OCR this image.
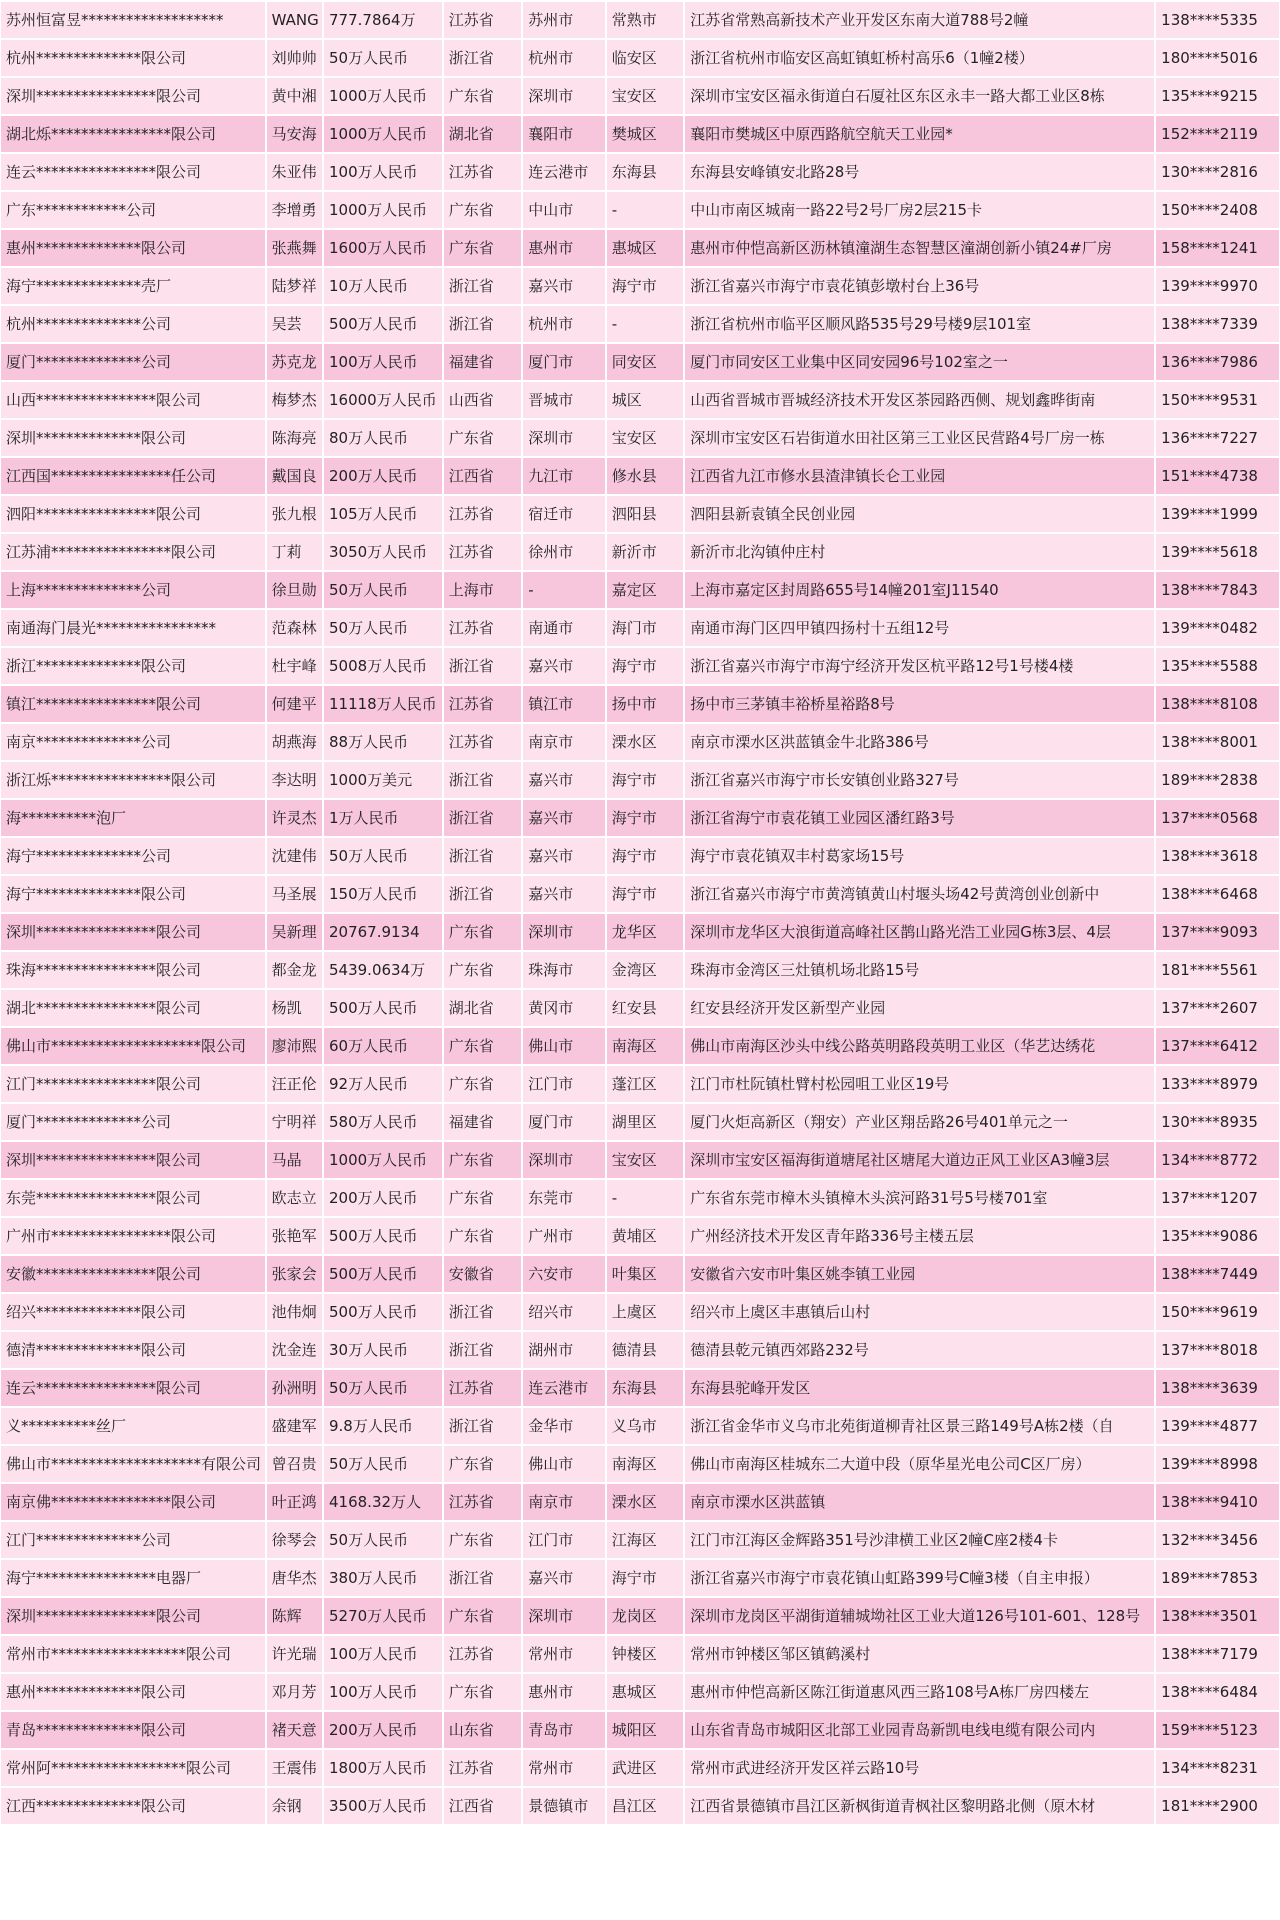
苏州恒富昱*******************	WANG	777.7864万	江苏省	苏州市	常熟市	江苏省常熟高新技术产业开发区东南大道788号2幢	138****5335
杭州**************限公司	刘帅帅	50万人民币	浙江省	杭州市	临安区	浙江省杭州市临安区高虹镇虹桥村高乐6（1幢2楼）	180****5016
深圳****************限公司	黄中湘	1000万人民币	广东省	深圳市	宝安区	深圳市宝安区福永街道白石厦社区东区永丰一路大都工业区8栋	135****9215
湖北烁****************限公司	马安海	1000万人民币	湖北省	襄阳市	樊城区	襄阳市樊城区中原西路航空航天工业园*	152****2119
连云****************限公司	朱亚伟	100万人民币	江苏省	连云港市	东海县	东海县安峰镇安北路28号	130****2816
广东************公司	李增勇	1000万人民币	广东省	中山市	-	中山市南区城南一路22号2号厂房2层215卡	150****2408
惠州**************限公司	张燕舞	1600万人民币	广东省	惠州市	惠城区	惠州市仲恺高新区沥林镇潼湖生态智慧区潼湖创新小镇24#厂房	158****1241
海宁**************壳厂	陆梦祥	10万人民币	浙江省	嘉兴市	海宁市	浙江省嘉兴市海宁市袁花镇彭墩村台上36号	139****9970
杭州**************公司	吴芸	500万人民币	浙江省	杭州市	-	浙江省杭州市临平区顺风路535号29号楼9层101室	138****7339
厦门**************公司	苏克龙	100万人民币	福建省	厦门市	同安区	厦门市同安区工业集中区同安园96号102室之一	136****7986
山西****************限公司	梅梦杰	16000万人民币	山西省	晋城市	城区	山西省晋城市晋城经济技术开发区茶园路西侧、规划鑫晔街南	150****9531
深圳**************限公司	陈海亮	80万人民币	广东省	深圳市	宝安区	深圳市宝安区石岩街道水田社区第三工业区民营路4号厂房一栋	136****7227
江西国****************任公司	戴国良	200万人民币	江西省	九江市	修水县	江西省九江市修水县渣津镇长仑工业园	151****4738
泗阳****************限公司	张九根	105万人民币	江苏省	宿迁市	泗阳县	泗阳县新袁镇全民创业园	139****1999
江苏浦****************限公司	丁莉	3050万人民币	江苏省	徐州市	新沂市	新沂市北沟镇仲庄村	139****5618
上海**************公司	徐旦勋	50万人民币	上海市	-	嘉定区	上海市嘉定区封周路655号14幢201室J11540	138****7843
南通海门晨光****************	范森林	50万人民币	江苏省	南通市	海门市	南通市海门区四甲镇四扬村十五组12号	139****0482
浙江**************限公司	杜宇峰	5008万人民币	浙江省	嘉兴市	海宁市	浙江省嘉兴市海宁市海宁经济开发区杭平路12号1号楼4楼	135****5588
镇江****************限公司	何建平	11118万人民币	江苏省	镇江市	扬中市	扬中市三茅镇丰裕桥星裕路8号	138****8108
南京**************公司	胡燕海	88万人民币	江苏省	南京市	溧水区	南京市溧水区洪蓝镇金牛北路386号	138****8001
浙江烁****************限公司	李达明	1000万美元	浙江省	嘉兴市	海宁市	浙江省嘉兴市海宁市长安镇创业路327号	189****2838
海**********泡厂	许灵杰	1万人民币	浙江省	嘉兴市	海宁市	浙江省海宁市袁花镇工业园区潘红路3号	137****0568
海宁**************公司	沈建伟	50万人民币	浙江省	嘉兴市	海宁市	海宁市袁花镇双丰村葛家场15号	138****3618
海宁**************限公司	马圣展	150万人民币	浙江省	嘉兴市	海宁市	浙江省嘉兴市海宁市黄湾镇黄山村堰头场42号黄湾创业创新中	138****6468
深圳****************限公司	吴新理	20767.9134	广东省	深圳市	龙华区	深圳市龙华区大浪街道高峰社区鹊山路光浩工业园G栋3层、4层	137****9093
珠海****************限公司	都金龙	5439.0634万	广东省	珠海市	金湾区	珠海市金湾区三灶镇机场北路15号	181****5561
湖北****************限公司	杨凯	500万人民币	湖北省	黄冈市	红安县	红安县经济开发区新型产业园	137****2607
佛山市********************限公司	廖沛熙	60万人民币	广东省	佛山市	南海区	佛山市南海区沙头中线公路英明路段英明工业区（华艺达绣花	137****6412
江门****************限公司	汪正伦	92万人民币	广东省	江门市	蓬江区	江门市杜阮镇杜臂村松园咀工业区19号	133****8979
厦门**************公司	宁明祥	580万人民币	福建省	厦门市	湖里区	厦门火炬高新区（翔安）产业区翔岳路26号401单元之一	130****8935
深圳****************限公司	马晶	1000万人民币	广东省	深圳市	宝安区	深圳市宝安区福海街道塘尾社区塘尾大道边正风工业区A3幢3层	134****8772
东莞****************限公司	欧志立	200万人民币	广东省	东莞市	-	广东省东莞市樟木头镇樟木头滨河路31号5号楼701室	137****1207
广州市****************限公司	张艳军	500万人民币	广东省	广州市	黄埔区	广州经济技术开发区青年路336号主楼五层	135****9086
安徽****************限公司	张家会	500万人民币	安徽省	六安市	叶集区	安徽省六安市叶集区姚李镇工业园	138****7449
绍兴**************限公司	池伟炯	500万人民币	浙江省	绍兴市	上虞区	绍兴市上虞区丰惠镇后山村	150****9619
德清**************限公司	沈金连	30万人民币	浙江省	湖州市	德清县	德清县乾元镇西郊路232号	137****8018
连云****************限公司	孙洲明	50万人民币	江苏省	连云港市	东海县	东海县驼峰开发区	138****3639
义**********丝厂	盛建军	9.8万人民币	浙江省	金华市	义乌市	浙江省金华市义乌市北苑街道柳青社区景三路149号A栋2楼（自	139****4877
佛山市********************有限公司	曾召贵	50万人民币	广东省	佛山市	南海区	佛山市南海区桂城东二大道中段（原华星光电公司C区厂房）	139****8998
南京佛****************限公司	叶正鸿	4168.32万人	江苏省	南京市	溧水区	南京市溧水区洪蓝镇	138****9410
江门**************公司	徐琴会	50万人民币	广东省	江门市	江海区	江门市江海区金辉路351号沙津横工业区2幢C座2楼4卡	132****3456
海宁****************电器厂	唐华杰	380万人民币	浙江省	嘉兴市	海宁市	浙江省嘉兴市海宁市袁花镇山虹路399号C幢3楼（自主申报）	189****7853
深圳****************限公司	陈辉	5270万人民币	广东省	深圳市	龙岗区	深圳市龙岗区平湖街道辅城坳社区工业大道126号101-601、128号	138****3501
常州市******************限公司	许光瑞	100万人民币	江苏省	常州市	钟楼区	常州市钟楼区邹区镇鹤溪村	138****7179
惠州**************限公司	邓月芳	100万人民币	广东省	惠州市	惠城区	惠州市仲恺高新区陈江街道惠风西三路108号A栋厂房四楼左	138****6484
青岛**************限公司	褚天意	200万人民币	山东省	青岛市	城阳区	山东省青岛市城阳区北部工业园青岛新凯电线电缆有限公司内	159****5123
常州阿******************限公司	王震伟	1800万人民币	江苏省	常州市	武进区	常州市武进经济开发区祥云路10号	134****8231
江西**************限公司	余钢	3500万人民币	江西省	景德镇市	昌江区	江西省景德镇市昌江区新枫街道青枫社区黎明路北侧（原木材	181****2900
